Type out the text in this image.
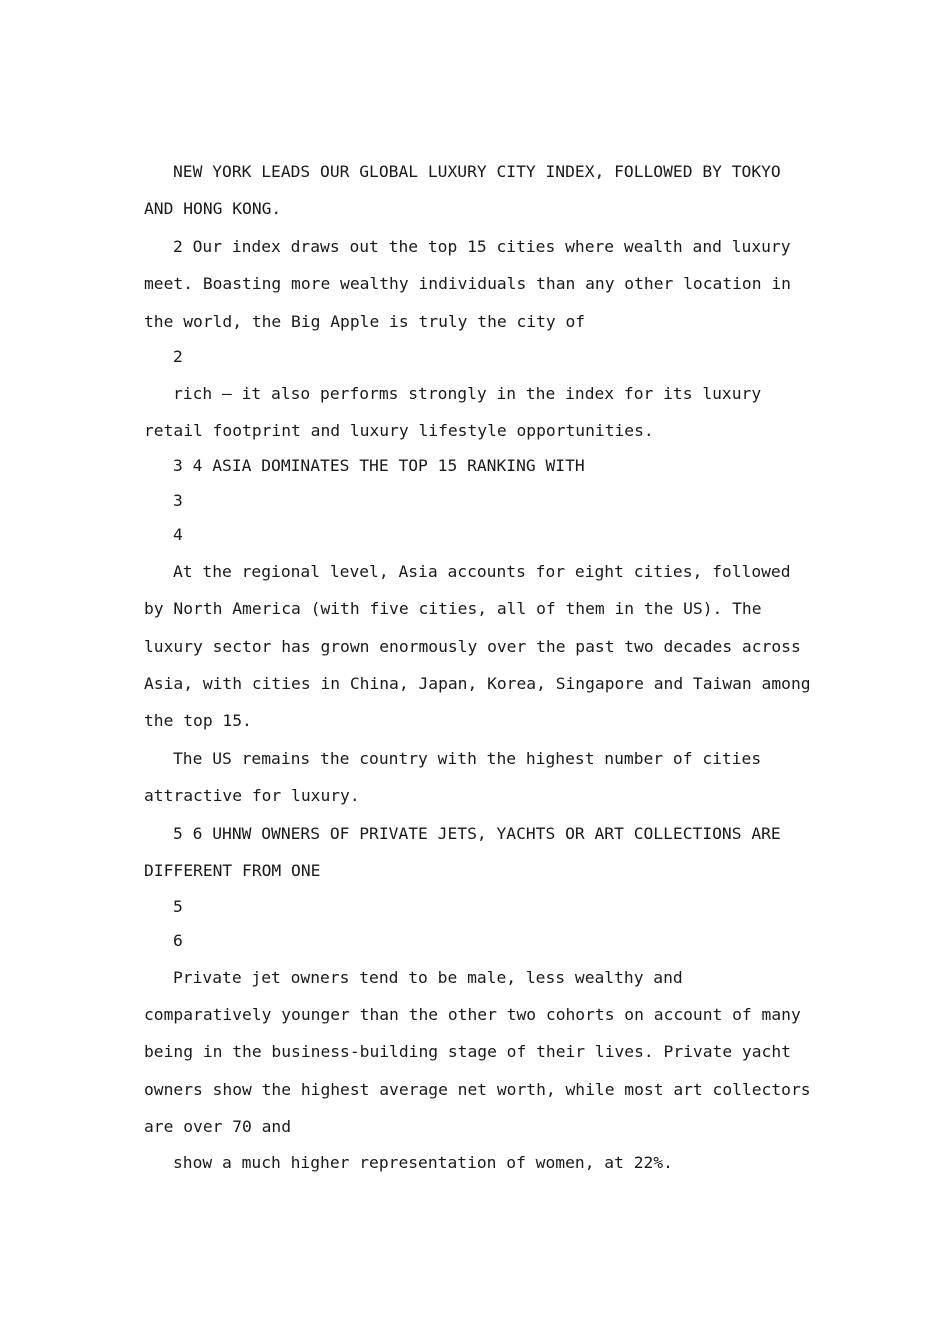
NEW YORK LEADS OUR GLOBAL LUXURY CITY INDEX, FOLLOWED BY TOKYO AND HONG KONG.

2 Our index draws out the top 15 cities where wealth and luxury meet. Boasting more wealthy individuals than any other location in the world, the Big Apple is truly the city of

2

rich – it also performs strongly in the index for its luxury retail footprint and luxury lifestyle opportunities.

3 4 ASIA DOMINATES THE TOP 15 RANKING WITH

3

4

At the regional level, Asia accounts for eight cities, followed by North America (with five cities, all of them in the US). The luxury sector has grown enormously over the past two decades across Asia, with cities in China, Japan, Korea, Singapore and Taiwan among the top 15.

The US remains the country with the highest number of cities attractive for luxury.

5 6 UHNW OWNERS OF PRIVATE JETS, YACHTS OR ART COLLECTIONS ARE DIFFERENT FROM ONE

5

6

Private jet owners tend to be male, less wealthy and comparatively younger than the other two cohorts on account of many being in the business-building stage of their lives. Private yacht owners show the highest average net worth, while most art collectors are over 70 and

show a much higher representation of women, at 22%.
